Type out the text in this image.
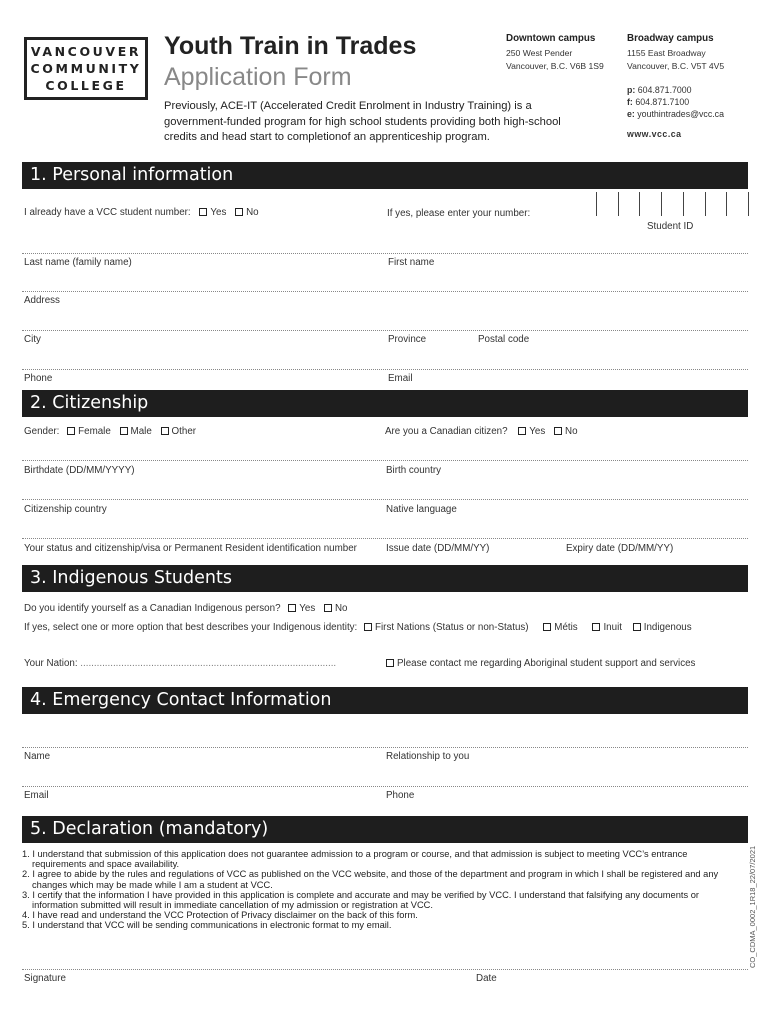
VANCOUVER
COMMUNITY
COLLEGE
Youth Train in Trades
Application Form
Previously, ACE-IT (Accelerated Credit Enrolment in Industry Training) is a government-funded program for high school students providing both high-school credits and head start to completionof an apprenticeship program.
Downtown campus
250 West Pender
Vancouver, B.C. V6B 1S9
Broadway campus
1155 East Broadway
Vancouver, B.C. V5T 4V5
p: 604.871.7000
f: 604.871.7100
e: youthintrades@vcc.ca
www.vcc.ca
1. Personal information
I already have a VCC student number: Yes No	If yes, please enter your number:
Student ID
Last name (family name)	First name
Address
City	Province	Postal code
Phone	Email
2. Citizenship
Gender: Female Male Other	Are you a Canadian citizen? Yes No
Birthdate (DD/MM/YYYY)	Birth country
Citizenship country	Native language
Your status and citizenship/visa or Permanent Resident identification number	Issue date (DD/MM/YY)	Expiry date (DD/MM/YY)
3. Indigenous Students
Do you identify yourself as a Canadian Indigenous person? Yes No
If yes, select one or more option that best describes your Indigenous identity: First Nations (Status or non-Status)	Métis	Inuit Indigenous
Your Nation: ..............................................................................................	Please contact me regarding Aboriginal student support and services
4. Emergency Contact Information
Name	Relationship to you
Email	Phone
5. Declaration (mandatory)
1. I understand that submission of this application does not guarantee admission to a program or course, and that admission is subject to meeting VCC’s entrance requirements and space availability.
2. I agree to abide by the rules and regulations of VCC as published on the VCC website, and those of the department and program in which I shall be registered and any changes which may be made while I am a student at VCC.
3. I certify that the information I have provided in this application is complete and accurate and may be verified by VCC. I understand that falsifying any documents or information submitted will result in immediate cancellation of my admission or registration at VCC.
4. I have read and understand the VCC Protection of Privacy disclaimer on the back of this form.
5. I understand that VCC will be sending communications in electronic format to my email.
Signature	Date
CO_CDMA_0002_1R18_22/07/2021
